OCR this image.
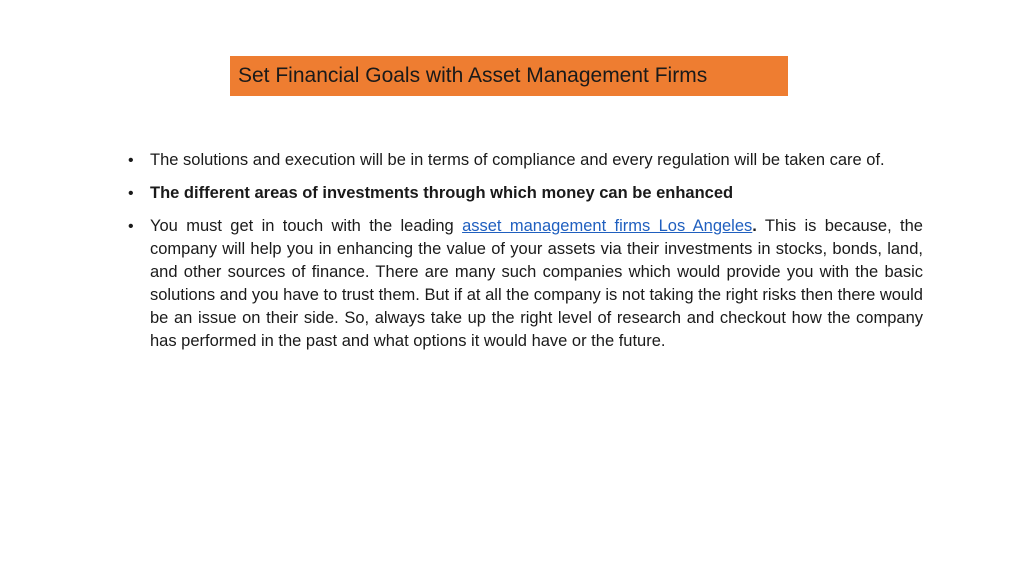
Set Financial Goals with Asset Management Firms
• The solutions and execution will be in terms of compliance and every regulation will be taken care of.
• The different areas of investments through which money can be enhanced
• You must get in touch with the leading asset management firms Los Angeles. This is because, the company will help you in enhancing the value of your assets via their investments in stocks, bonds, land, and other sources of finance. There are many such companies which would provide you with the basic solutions and you have to trust them. But if at all the company is not taking the right risks then there would be an issue on their side. So, always take up the right level of research and checkout how the company has performed in the past and what options it would have or the future.
